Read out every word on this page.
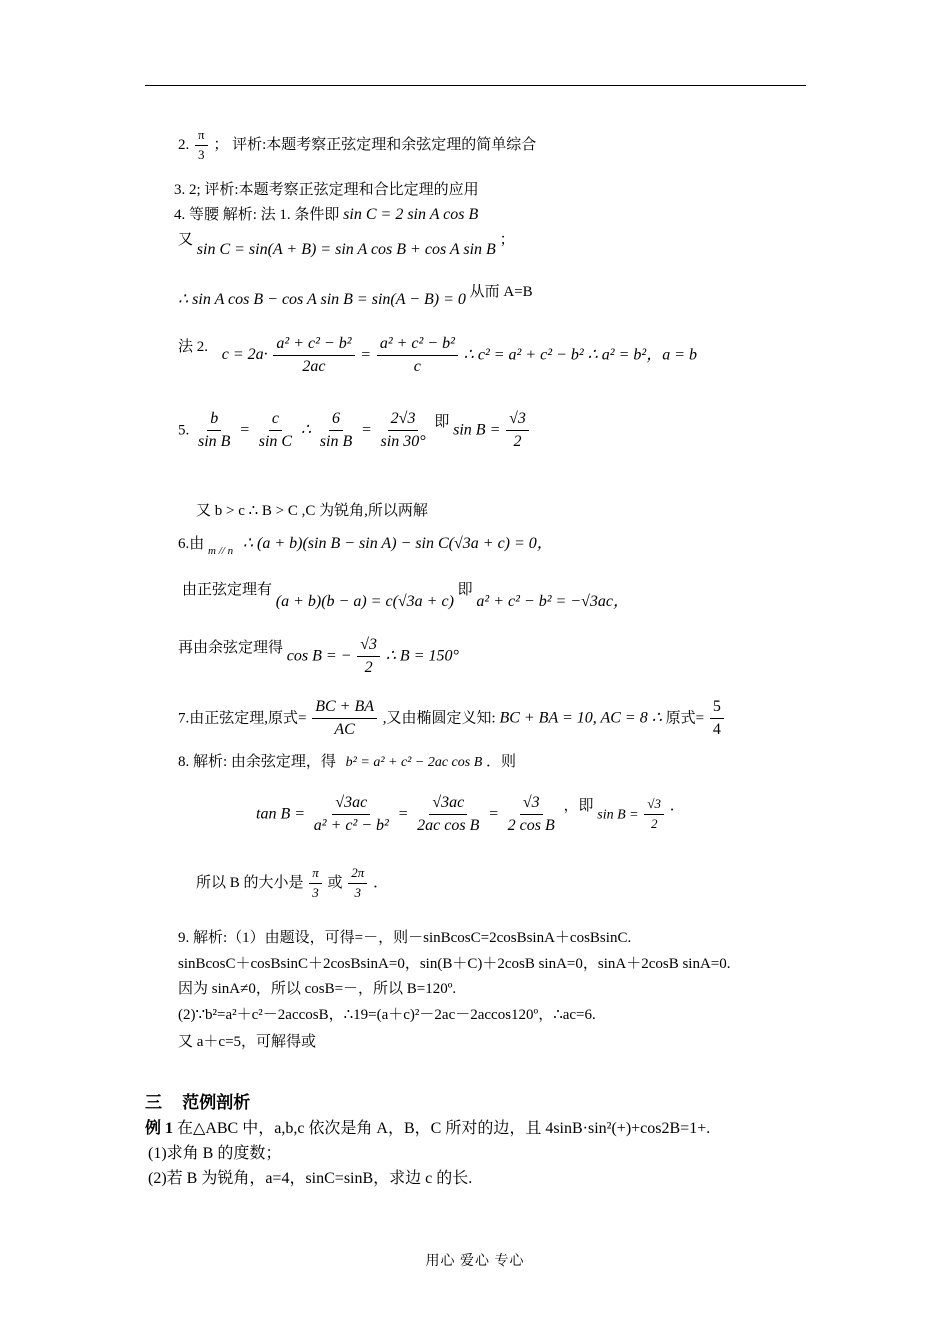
2. $\frac{\pi}{3}$ ； 评析:本题考察正弦定理和余弦定理的简单综合
3. 2; 评析:本题考察正弦定理和合比定理的应用
4. 等腰 解析: 法 1. 条件即 sin C = 2 sin A cos B
又 sin C = sin(A + B) = sin A cos B + cos A sin B ；
∴ sin A cos B − cos A sin B = sin(A − B) = 0 从而 A=B
法 2. $c = 2a\cdot \frac{\text{a² + c² − b²}}{2ac} = \frac{\text{a² + c² − b²}}{c}$ ∴ c² = a² + c² − b² ∴ a² = b²，a = b
5. $\frac{b}{\text{sin B}} = \frac{c}{\text{sin C}}$ ∴ $\frac{6}{\text{sin B}} = \frac{2√3}{\sin 30^\circ}$ 即 $\sin B = \frac{√3}{2}$
又 b > c ∴ B > C ,C 为锐角,所以两解
6.由 $_{m // n}$ ∴ (a + b)(sin B − sin A) − sin C(√3a + c) = 0，
由正弦定理有 (a + b)(b − a) = c(√3a + c) 即 a² + c² − b² = −√3ac，
再由余弦定理得 cos B = − $\frac{√3}{2}$ ∴ B = 150°
7.由正弦定理,原式= $\frac{BC + BA}{AC}$ ,又由椭圆定义知: BC + BA = 10, AC = 8 ∴ 原式= $\frac{5}{4}$
8. 解析: 由余弦定理，得 b² = a² + c² − 2ac cos B ．则
$\tan B = \frac{√3ac}{\text{a² + c² − b²}} = \frac{√3ac}{\text{2ac cos B}} = \frac{√3}{\text{2 cos B}}$ ，即 $\sin B = \frac{√3}{2}$ ．
所以 B 的大小是 $\frac{\pi}{3}$ 或 $\frac{2\pi}{3}$ ．
9. 解析:（1）由题设，可得=－，则－sinBcosC=2cosBsinA＋cosBsinC.
sinBcosC＋cosBsinC＋2cosBsinA=0，sin(B＋C)＋2cosB sinA=0，sinA＋2cosB sinA=0.
因为 sinA≠0，所以 cosB=－，所以 B=120º.
(2)∵b²=a²＋c²－2accosB，∴19=(a＋c)²－2ac－2accos120º，∴ac=6.
又 a＋c=5，可解得或
三 范例剖析
例 1 在△ABC 中，a,b,c 依次是角 A，B，C 所对的边，且 4sinB·sin²(+)+cos2B=1+.
(1)求角 B 的度数；
(2)若 B 为锐角，a=4，sinC=sinB，求边 c 的长.
用心 爱心 专心
